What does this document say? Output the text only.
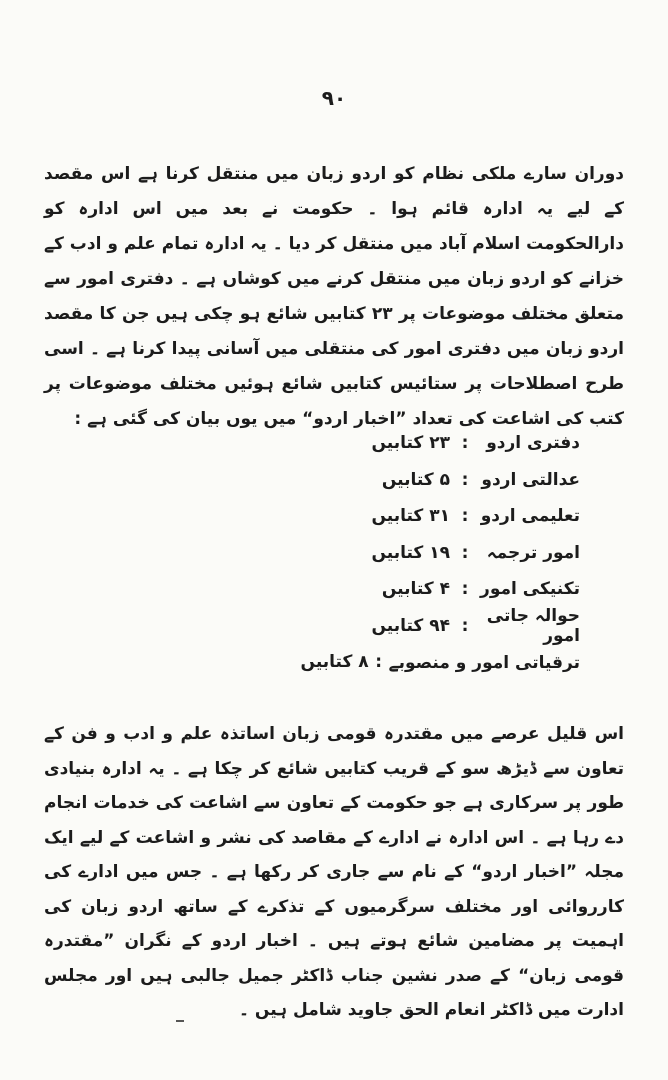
۹۰

دوران سارے ملکی نظام کو اردو زبان میں منتقل کرنا ہے اس مقصد کے لیے یہ ادارہ قائم ہوا ۔ حکومت نے بعد میں اس ادارہ کو دارالحکومت اسلام آباد میں منتقل کر دیا ۔ یہ ادارہ تمام علم و ادب کے خزانے کو اردو زبان میں منتقل کرنے میں کوشاں ہے ۔ دفتری امور سے متعلق مختلف موضوعات پر ۲۳ کتابیں شائع ہو چکی ہیں جن کا مقصد اردو زبان میں دفتری امور کی منتقلی میں آسانی پیدا کرنا ہے ۔ اسی طرح اصطلاحات پر ستائیس کتابیں شائع ہوئیں مختلف موضوعات پر کتب کی اشاعت کی تعداد ”اخبار اردو“ میں یوں بیان کی گئی ہے :

دفتری اردو
:
۲۳ کتابیں
عدالتی اردو
:
۵ کتابیں
تعلیمی اردو
:
۳۱ کتابیں
امور ترجمہ
:
۱۹ کتابیں
تکنیکی امور
:
۴ کتابیں
حوالہ جاتی امور
:
۹۴ کتابیں
ترقیاتی امور و منصوبے
:
۸ کتابیں

اس قلیل عرصے میں مقتدرہ قومی زبان اساتذہ علم و ادب و فن کے تعاون سے ڈیڑھ سو کے قریب کتابیں شائع کر چکا ہے ۔ یہ ادارہ بنیادی طور پر سرکاری ہے جو حکومت کے تعاون سے اشاعت کی خدمات انجام دے رہا ہے ۔ اس ادارہ نے ادارے کے مقاصد کی نشر و اشاعت کے لیے ایک مجلہ ”اخبار اردو“ کے نام سے جاری کر رکھا ہے ۔ جس میں ادارے کی کارروائی اور مختلف سرگرمیوں کے تذکرے کے ساتھ اردو زبان کی اہمیت پر مضامین شائع ہوتے ہیں ۔ اخبار اردو کے نگران ”مقتدرہ قومی زبان“ کے صدر نشین جناب ڈاکٹر جمیل جالبی ہیں اور مجلس ادارت میں ڈاکٹر انعام الحق جاوید شامل ہیں ۔
